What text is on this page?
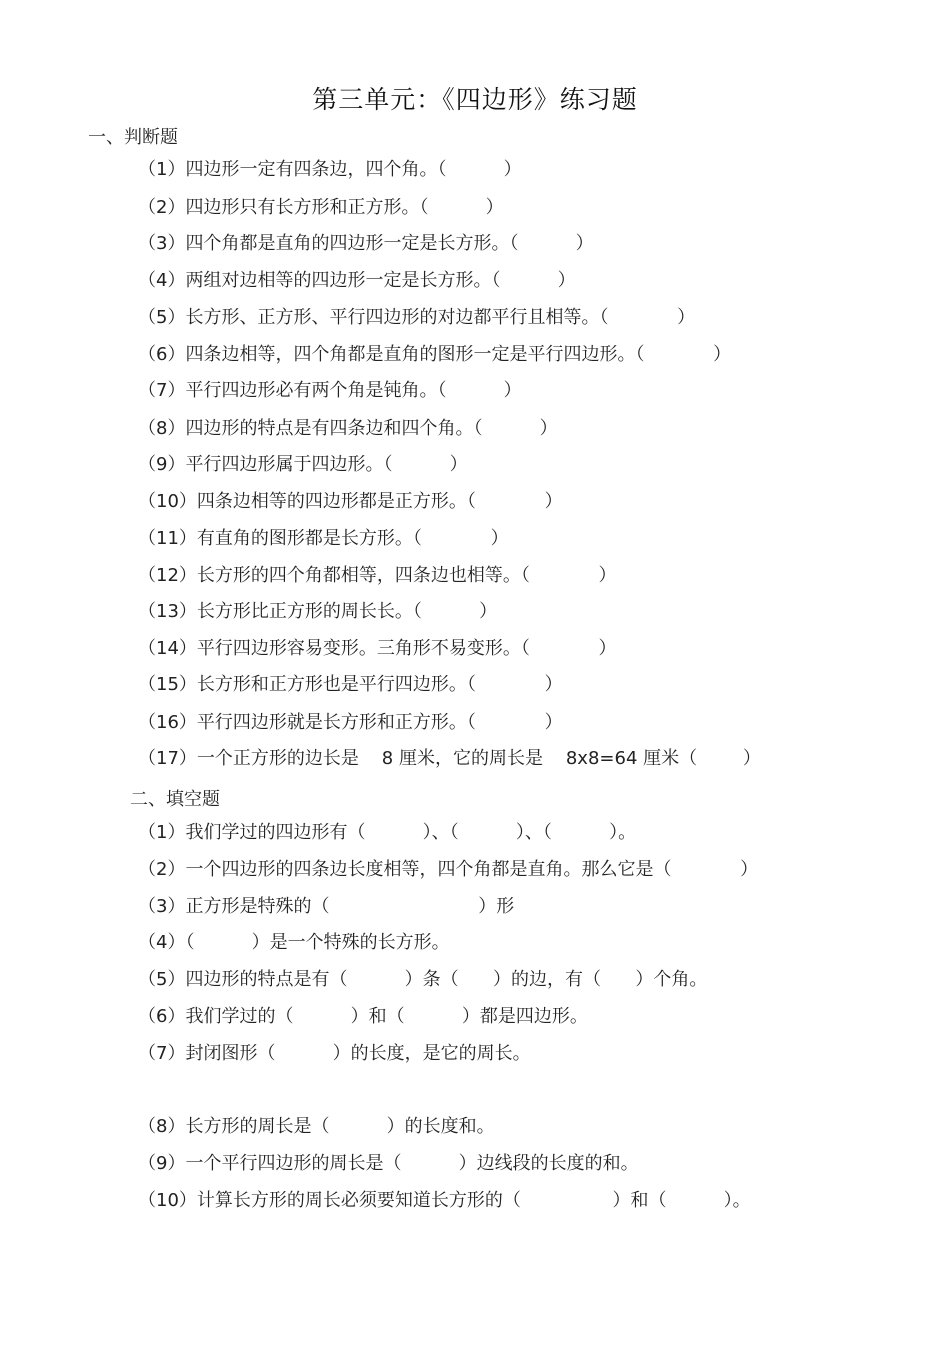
第三单元：《四边形》练习题
一、判断题
（1）四边形一定有四条边，四个角。（          ）
（2）四边形只有长方形和正方形。（          ）
（3）四个角都是直角的四边形一定是长方形。（          ）
（4）两组对边相等的四边形一定是长方形。（          ）
（5）长方形、正方形、平行四边形的对边都平行且相等。（            ）
（6）四条边相等，四个角都是直角的图形一定是平行四边形。（            ）
（7）平行四边形必有两个角是钝角。（          ）
（8）四边形的特点是有四条边和四个角。（          ）
（9）平行四边形属于四边形。（          ）
（10）四条边相等的四边形都是正方形。（            ）
（11）有直角的图形都是长方形。（            ）
（12）长方形的四个角都相等，四条边也相等。（            ）
（13）长方形比正方形的周长长。（          ）
（14）平行四边形容易变形。三角形不易变形。（            ）
（15）长方形和正方形也是平行四边形。（            ）
（16）平行四边形就是长方形和正方形。（            ）
（17）一个正方形的边长是    8 厘米，它的周长是    8x8=64 厘米（        ）
二、填空题
（1）我们学过的四边形有（          ）、（          ）、（          ）。
（2）一个四边形的四条边长度相等，四个角都是直角。那么它是（            ）
（3）正方形是特殊的（                          ）形
（4）（          ）是一个特殊的长方形。
（5）四边形的特点是有（          ）条（      ）的边，有（      ）个角。
（6）我们学过的（          ）和（          ）都是四边形。
（7）封闭图形（          ）的长度，是它的周长。
（8）长方形的周长是（          ）的长度和。
（9）一个平行四边形的周长是（          ）边线段的长度的和。
（10）计算长方形的周长必须要知道长方形的（                ）和（          ）。
